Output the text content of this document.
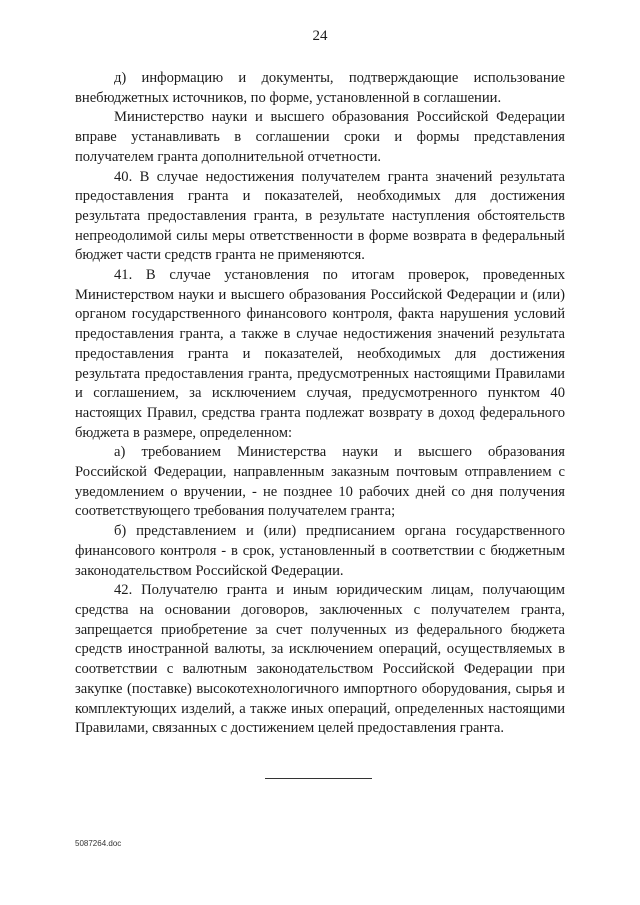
24

д) информацию и документы, подтверждающие использование внебюджетных источников, по форме, установленной в соглашении.

Министерство науки и высшего образования Российской Федерации вправе устанавливать в соглашении сроки и формы представления получателем гранта дополнительной отчетности.

40. В случае недостижения получателем гранта значений результата предоставления гранта и показателей, необходимых для достижения результата предоставления гранта, в результате наступления обстоятельств непреодолимой силы меры ответственности в форме возврата в федеральный бюджет части средств гранта не применяются.

41. В случае установления по итогам проверок, проведенных Министерством науки и высшего образования Российской Федерации и (или) органом государственного финансового контроля, факта нарушения условий предоставления гранта, а также в случае недостижения значений результата предоставления гранта и показателей, необходимых для достижения результата предоставления гранта, предусмотренных настоящими Правилами и соглашением, за исключением случая, предусмотренного пунктом 40 настоящих Правил, средства гранта подлежат возврату в доход федерального бюджета в размере, определенном:

а) требованием Министерства науки и высшего образования Российской Федерации, направленным заказным почтовым отправлением с уведомлением о вручении, - не позднее 10 рабочих дней со дня получения соответствующего требования получателем гранта;

б) представлением и (или) предписанием органа государственного финансового контроля - в срок, установленный в соответствии с бюджетным законодательством Российской Федерации.

42. Получателю гранта и иным юридическим лицам, получающим средства на основании договоров, заключенных с получателем гранта, запрещается приобретение за счет полученных из федерального бюджета средств иностранной валюты, за исключением операций, осуществляемых в соответствии с валютным законодательством Российской Федерации при закупке (поставке) высокотехнологичного импортного оборудования, сырья и комплектующих изделий, а также иных операций, определенных настоящими Правилами, связанных с достижением целей предоставления гранта.

5087264.doc
